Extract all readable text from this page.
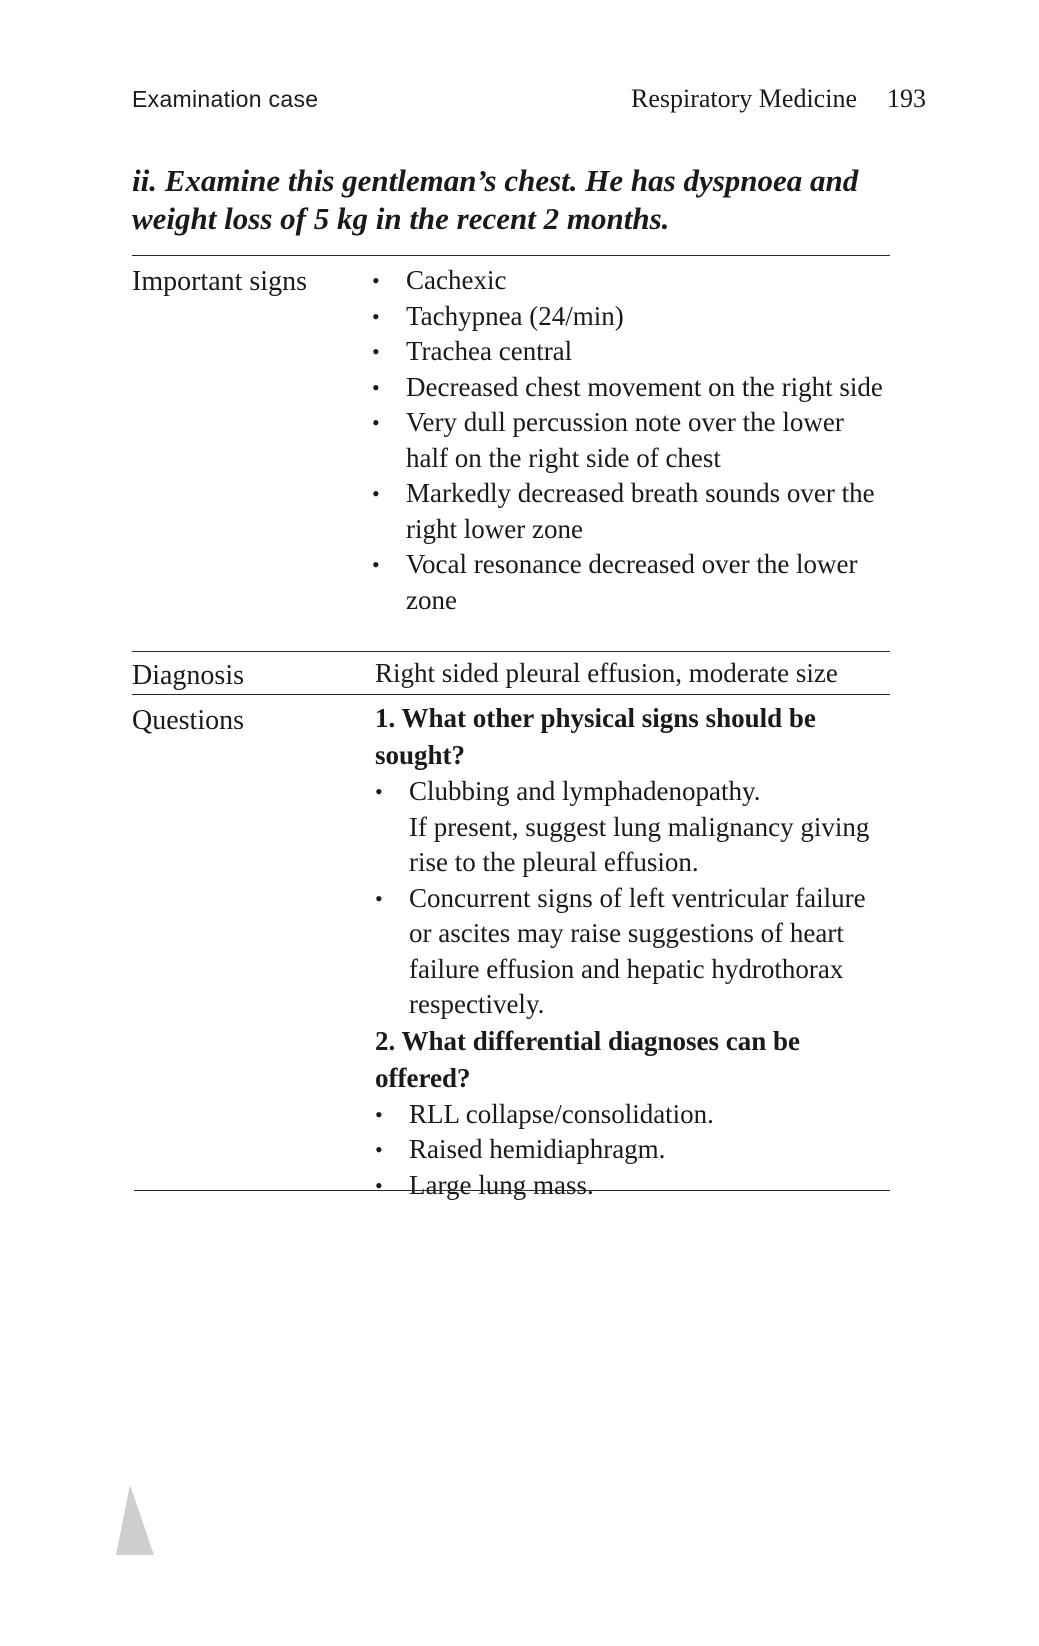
Examination case	Respiratory Medicine 193
ii. Examine this gentleman’s chest. He has dyspnoea and weight loss of 5 kg in the recent 2 months.
Important signs
•	Cachexic
• Tachypnea (24/min)
• Trachea central
• Decreased chest movement on the right side
• Very dull percussion note over the lower half on the right side of chest
• Markedly decreased breath sounds over the right lower zone
• Vocal resonance decreased over the lower zone
Diagnosis	Right sided pleural effusion, moderate size
Questions	1. What other physical signs should be sought?
• Clubbing and lymphadenopathy.
If present, suggest lung malignancy giving rise to the pleural effusion.
• Concurrent signs of left ventricular failure or ascites may raise suggestions of heart failure effusion and hepatic hydrothorax respectively.
2. What differential diagnoses can be offered?
• RLL collapse/consolidation.
• Raised hemidiaphragm.
• Large lung mass.
